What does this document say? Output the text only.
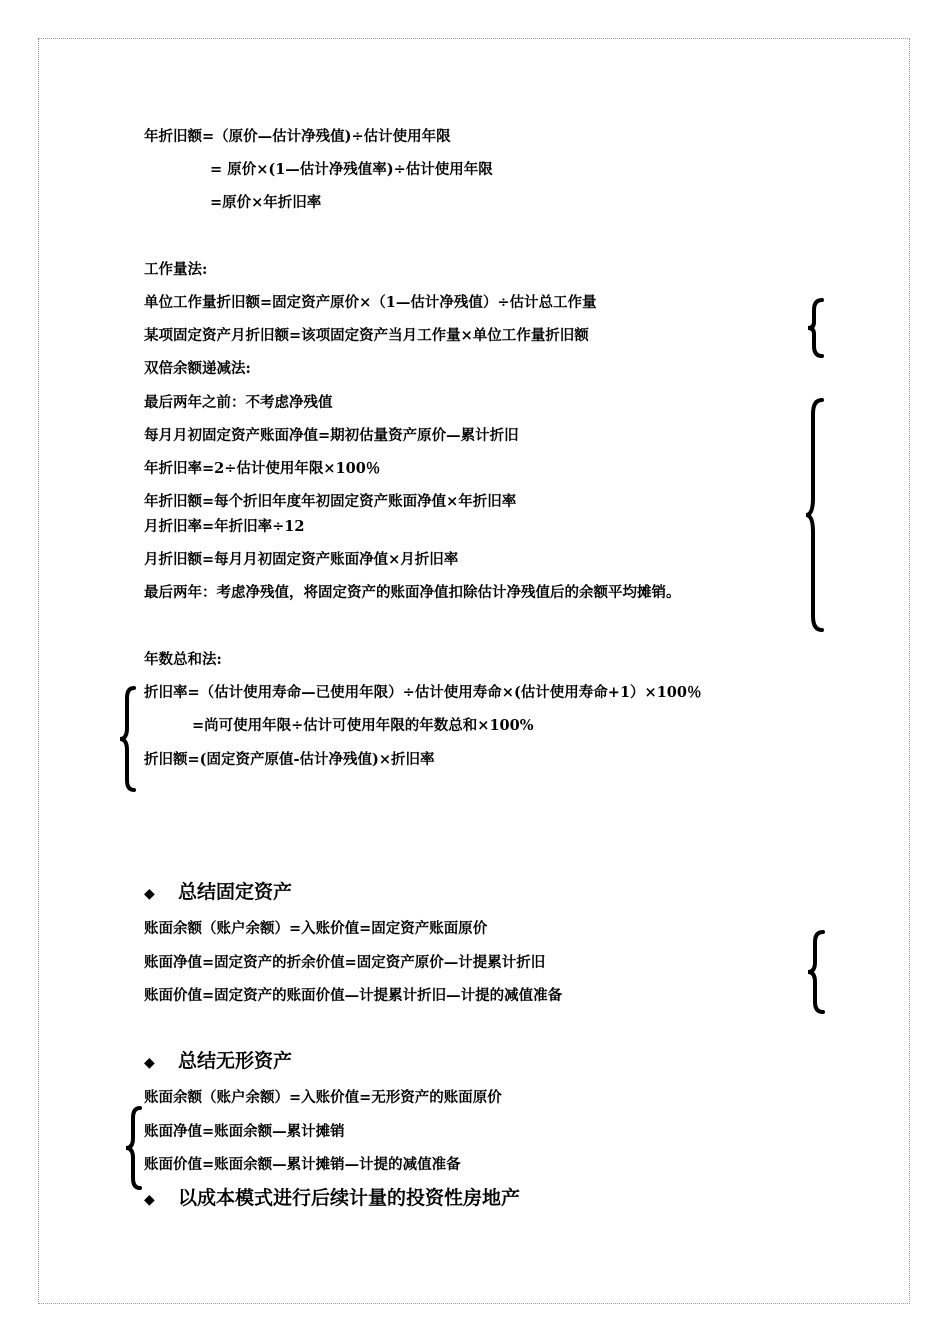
年折旧额=（原价—估计净残值)÷估计使用年限
= 原价×(1—估计净残值率)÷估计使用年限
=原价×年折旧率
工作量法:
单位工作量折旧额=固定资产原价×（1—估计净残值）÷估计总工作量
某项固定资产月折旧额=该项固定资产当月工作量×单位工作量折旧额
双倍余额递减法:
最后两年之前：不考虑净残值
每月月初固定资产账面净值=期初估量资产原价—累计折旧
年折旧率=2÷估计使用年限×100％
年折旧额=每个折旧年度年初固定资产账面净值×年折旧率
月折旧率=年折旧率÷12
月折旧额=每月月初固定资产账面净值×月折旧率
最后两年：考虑净残值，将固定资产的账面净值扣除估计净残值后的余额平均摊销。
年数总和法:
折旧率=（估计使用寿命—已使用年限）÷估计使用寿命×(估计使用寿命+1）×100％
=尚可使用年限÷估计可使用年限的年数总和×100%
折旧额=(固定资产原值-估计净残值)×折旧率
◆ 总结固定资产
账面余额（账户余额）=入账价值=固定资产账面原价
账面净值=固定资产的折余价值=固定资产原价—计提累计折旧
账面价值=固定资产的账面价值—计提累计折旧—计提的减值准备
◆ 总结无形资产
账面余额（账户余额）=入账价值=无形资产的账面原价
账面净值=账面余额—累计摊销
账面价值=账面余额—累计摊销—计提的减值准备
◆ 以成本模式进行后续计量的投资性房地产
